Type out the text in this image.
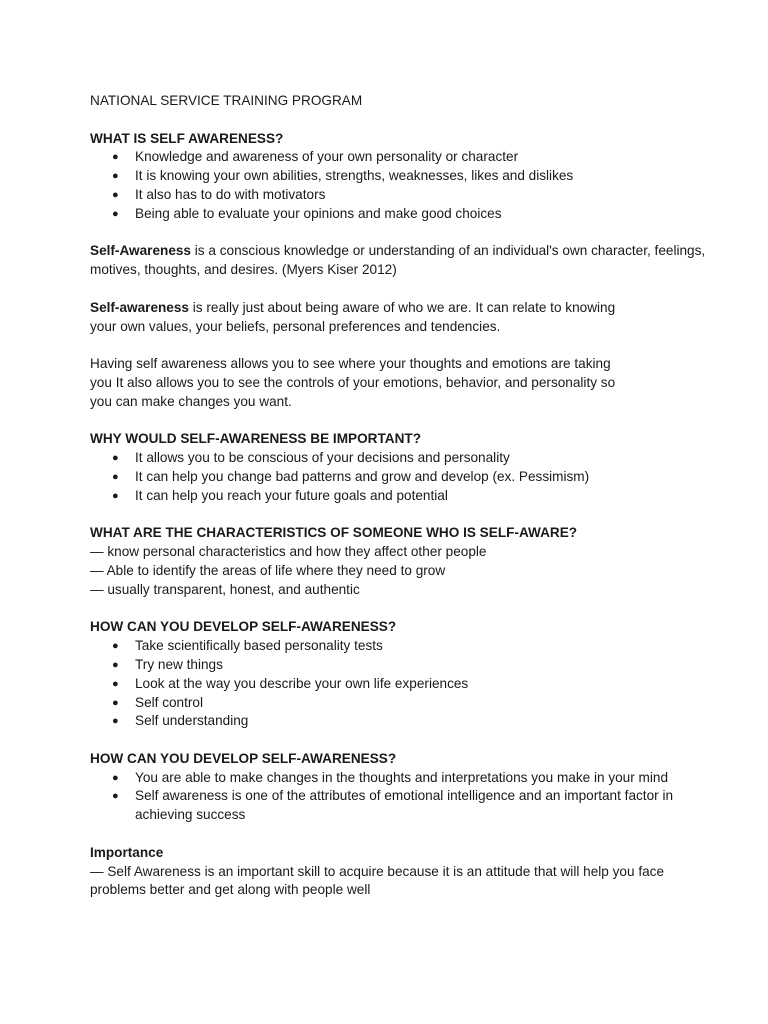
NATIONAL SERVICE TRAINING PROGRAM

WHAT IS SELF AWARENESS?

● Knowledge and awareness of your own personality or character
● It is knowing your own abilities, strengths, weaknesses, likes and dislikes
● It also has to do with motivators
● Being able to evaluate your opinions and make good choices

Self-Awareness is a conscious knowledge or understanding of an individual's own character, feelings, motives, thoughts, and desires. (Myers Kiser 2012)

Self-awareness is really just about being aware of who we are. It can relate to knowing your own values, your beliefs, personal preferences and tendencies.

Having self awareness allows you to see where your thoughts and emotions are taking you It also allows you to see the controls of your emotions, behavior, and personality so you can make changes you want.

WHY WOULD SELF-AWARENESS BE IMPORTANT?

● It allows you to be conscious of your decisions and personality
● It can help you change bad patterns and grow and develop (ex. Pessimism)
● It can help you reach your future goals and potential

WHAT ARE THE CHARACTERISTICS OF SOMEONE WHO IS SELF-AWARE?

— know personal characteristics and how they affect other people

— Able to identify the areas of life where they need to grow

— usually transparent, honest, and authentic

HOW CAN YOU DEVELOP SELF-AWARENESS?

● Take scientifically based personality tests
● Try new things
● Look at the way you describe your own life experiences
● Self control
● Self understanding

HOW CAN YOU DEVELOP SELF-AWARENESS?

● You are able to make changes in the thoughts and interpretations you make in your mind
● Self awareness is one of the attributes of emotional intelligence and an important factor in achieving success

Importance

— Self Awareness is an important skill to acquire because it is an attitude that will help you face problems better and get along with people well
